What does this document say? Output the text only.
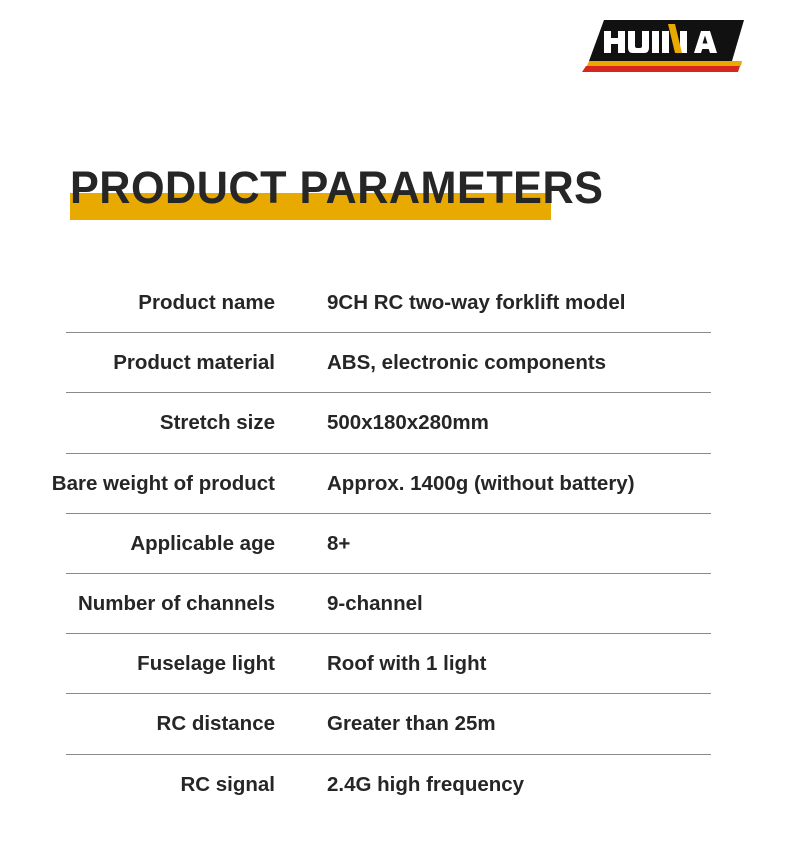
PRODUCT PARAMETERS
Product name	9CH RC two-way forklift model
Product material	ABS, electronic components
Stretch size	500x180x280mm
Bare weight of product	Approx. 1400g (without battery)
Applicable age	8+
Number of channels	9-channel
Fuselage light	Roof with 1 light
RC distance	Greater than 25m
RC signal	2.4G high frequency
